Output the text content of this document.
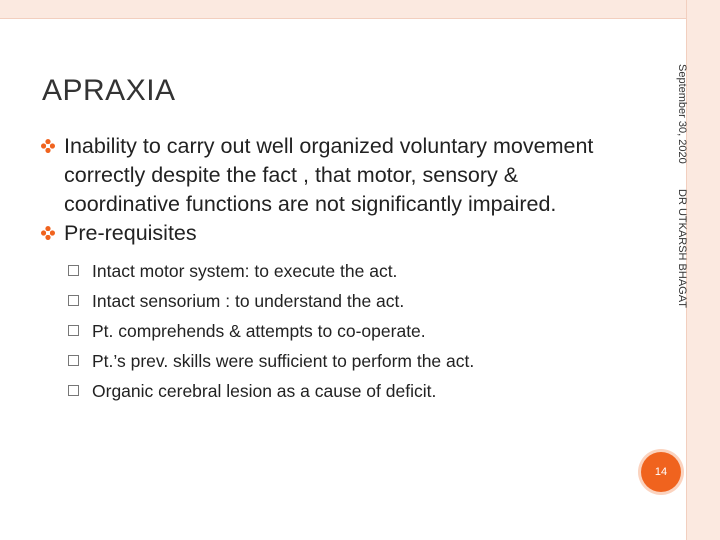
APRAXIA
Inability to carry out well organized voluntary movement correctly despite the fact , that motor, sensory & coordinative functions are not significantly impaired.
Pre-requisites
Intact motor system: to execute the act.
Intact sensorium : to understand the act.
Pt. comprehends & attempts to co-operate.
Pt.’s prev. skills were sufficient to perform the act.
Organic cerebral lesion as a cause of deficit.
September 30, 2020
DR UTKARSH BHAGAT
14
